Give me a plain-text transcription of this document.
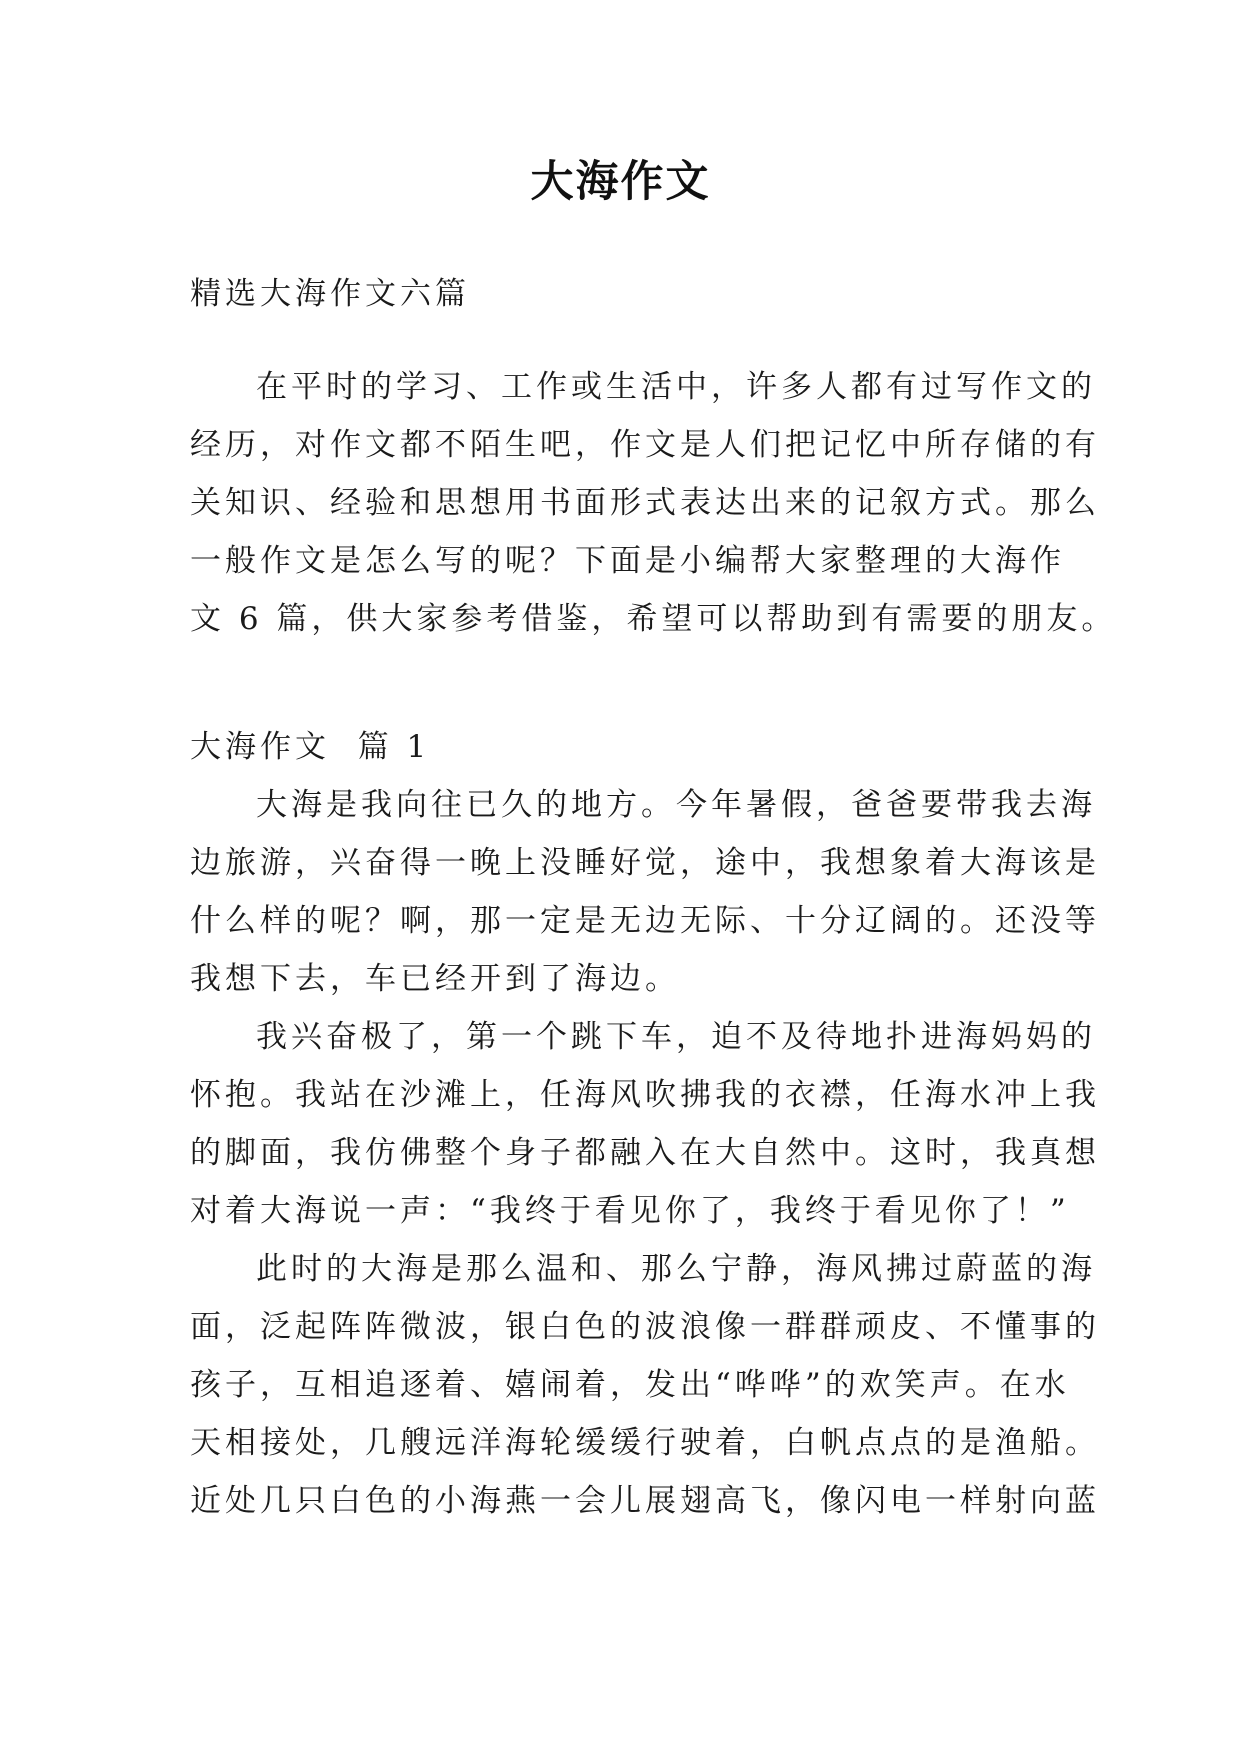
大海作文
精选大海作文六篇
在平时的学习、工作或生活中，许多人都有过写作文的
经历，对作文都不陌生吧，作文是人们把记忆中所存储的有
关知识、经验和思想用书面形式表达出来的记叙方式。那么
一般作文是怎么写的呢？下面是小编帮大家整理的大海作
文 6 篇，供大家参考借鉴，希望可以帮助到有需要的朋友。
大海作文  篇 1
大海是我向往已久的地方。今年暑假，爸爸要带我去海
边旅游，兴奋得一晚上没睡好觉，途中，我想象着大海该是
什么样的呢？啊，那一定是无边无际、十分辽阔的。还没等
我想下去，车已经开到了海边。
我兴奋极了，第一个跳下车，迫不及待地扑进海妈妈的
怀抱。我站在沙滩上，任海风吹拂我的衣襟，任海水冲上我
的脚面，我仿佛整个身子都融入在大自然中。这时，我真想
对着大海说一声：“我终于看见你了，我终于看见你了！”
此时的大海是那么温和、那么宁静，海风拂过蔚蓝的海
面，泛起阵阵微波，银白色的波浪像一群群顽皮、不懂事的
孩子，互相追逐着、嬉闹着，发出“哗哗”的欢笑声。在水
天相接处，几艘远洋海轮缓缓行驶着，白帆点点的是渔船。
近处几只白色的小海燕一会儿展翅高飞，像闪电一样射向蓝
